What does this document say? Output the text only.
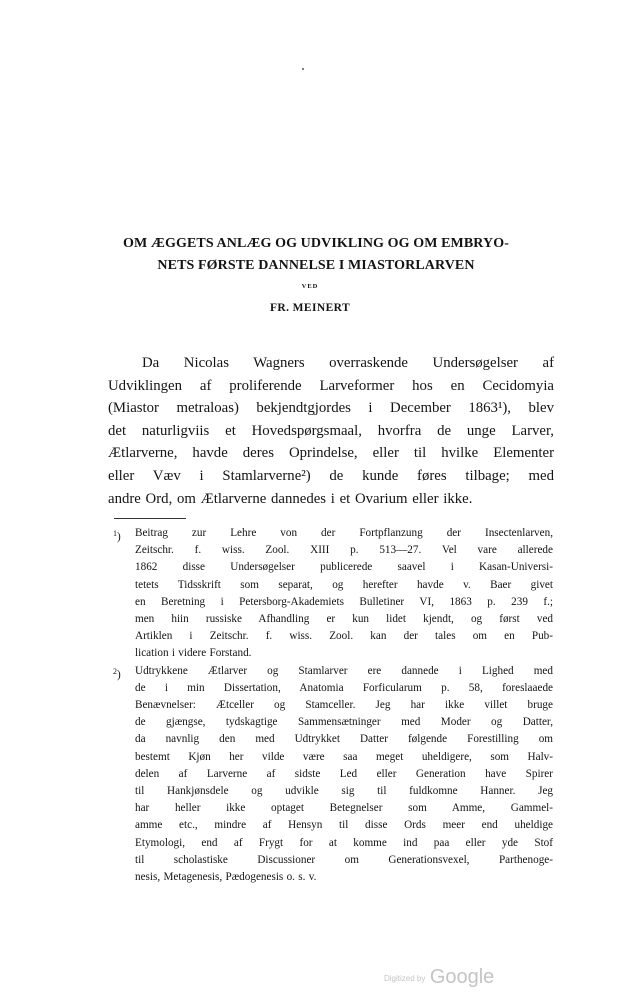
OM ÆGGETS ANLÆG OG UDVIKLING OG OM EMBRYO-
NETS FØRSTE DANNELSE I MIASTORLARVEN
VED
FR. MEINERT

Da Nicolas Wagners overraskende Undersøgelser af

Udviklingen af proliferende Larveformer hos en Cecidomyia

(Miastor metraloas) bekjendtgjordes i December 1863¹), blev

det naturligviis et Hovedspørgsmaal, hvorfra de unge Larver,

Ætlarverne, havde deres Oprindelse, eller til hvilke Elementer

eller Væv i Stamlarverne²) de kunde føres tilbage; med

andre Ord, om Ætlarverne dannedes i et Ovarium eller ikke.

$^1$) Beitrag zur Lehre von der Fortpflanzung der Insectenlarven,

Zeitschr. f. wiss. Zool. XIII p. 513—27. Vel vare allerede

1862 disse Undersøgelser publicerede saavel i Kasan-Universi-

tetets Tidsskrift som separat, og herefter havde v. Baer givet

en Beretning i Petersborg-Akademiets Bulletiner VI, 1863 p. 239 f.;

men hiin russiske Afhandling er kun lidet kjendt, og først ved

Artiklen i Zeitschr. f. wiss. Zool. kan der tales om en Pub-

lication i videre Forstand.

$^2$) Udtrykkene Ætlarver og Stamlarver ere dannede i Lighed med

de i min Dissertation, Anatomia Forficularum p. 58, foreslaaede

Benævnelser: Ætceller og Stamceller. Jeg har ikke villet bruge

de gjængse, tydskagtige Sammensætninger med Moder og Datter,

da navnlig den med Udtrykket Datter følgende Forestilling om

bestemt Kjøn her vilde være saa meget uheldigere, som Halv-

delen af Larverne af sidste Led eller Generation have Spirer

til Hankjønsdele og udvikle sig til fuldkomne Hanner. Jeg

har heller ikke optaget Betegnelser som Amme, Gammel-

amme etc., mindre af Hensyn til disse Ords meer end uheldige

Etymologi, end af Frygt for at komme ind paa eller yde Stof

til scholastiske Discussioner om Generationsvexel, Parthenoge-

nesis, Metagenesis, Pædogenesis o. s. v.

Digitized by Google
